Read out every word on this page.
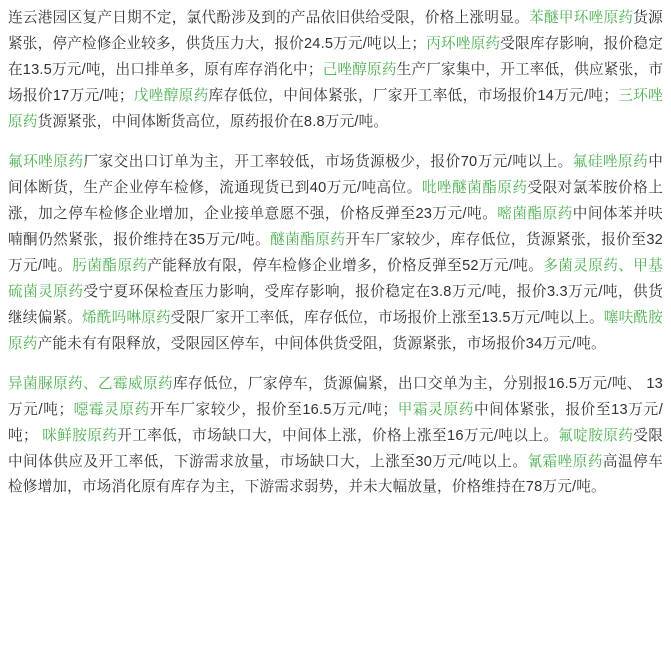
连云港园区复产日期不定，氯代酚涉及到的产品依旧供给受限，价格上涨明显。苯醚甲环唑原药货源紧张，停产检修企业较多，供货压力大，报价24.5万元/吨以上；丙环唑原药受限库存影响，报价稳定在13.5万元/吨，出口排单多，原有库存消化中；己唑醇原药生产厂家集中，开工率低，供应紧张，市场报价17万元/吨；戊唑醇原药库存低位，中间体紧张，厂家开工率低，市场报价14万元/吨；三环唑原药货源紧张，中间体断货高位，原药报价在8.8万元/吨。

氟环唑原药厂家交出口订单为主，开工率较低，市场货源极少，报价70万元/吨以上。氟硅唑原药中间体断货，生产企业停车检修，流通现货已到40万元/吨高位。吡唑醚菌酯原药受限对氯苯胺价格上涨，加之停车检修企业增加，企业接单意愿不强，价格反弹至23万元/吨。嘧菌酯原药中间体苯并呋喃酮仍然紧张，报价维持在35万元/吨。醚菌酯原药开车厂家较少，库存低位，货源紧张，报价至32万元/吨。肟菌酯原药产能释放有限，停车检修企业增多，价格反弹至52万元/吨。多菌灵原药、甲基硫菌灵原药受宁夏环保检查压力影响，受库存影响，报价稳定在3.8万元/吨，报价3.3万元/吨，供货继续偏紧。烯酰吗啉原药受限厂家开工率低，库存低位，市场报价上涨至13.5万元/吨以上。噻呋酰胺原药产能未有有限释放，受限园区停车，中间体供货受阻，货源紧张，市场报价34万元/吨。

异菌脲原药、乙霉威原药库存低位，厂家停车，货源偏紧，出口交单为主，分别报16.5万元/吨、 13万元/吨；噁霉灵原药开车厂家较少，报价至16.5万元/吨；甲霜灵原药中间体紧张，报价至13万元/吨； 咪鲜胺原药开工率低，市场缺口大，中间体上涨，价格上涨至16万元/吨以上。氟啶胺原药受限中间体供应及开工率低，下游需求放量，市场缺口大，上涨至30万元/吨以上。氰霜唑原药高温停车检修增加，市场消化原有库存为主，下游需求弱势，并未大幅放量，价格维持在78万元/吨。
